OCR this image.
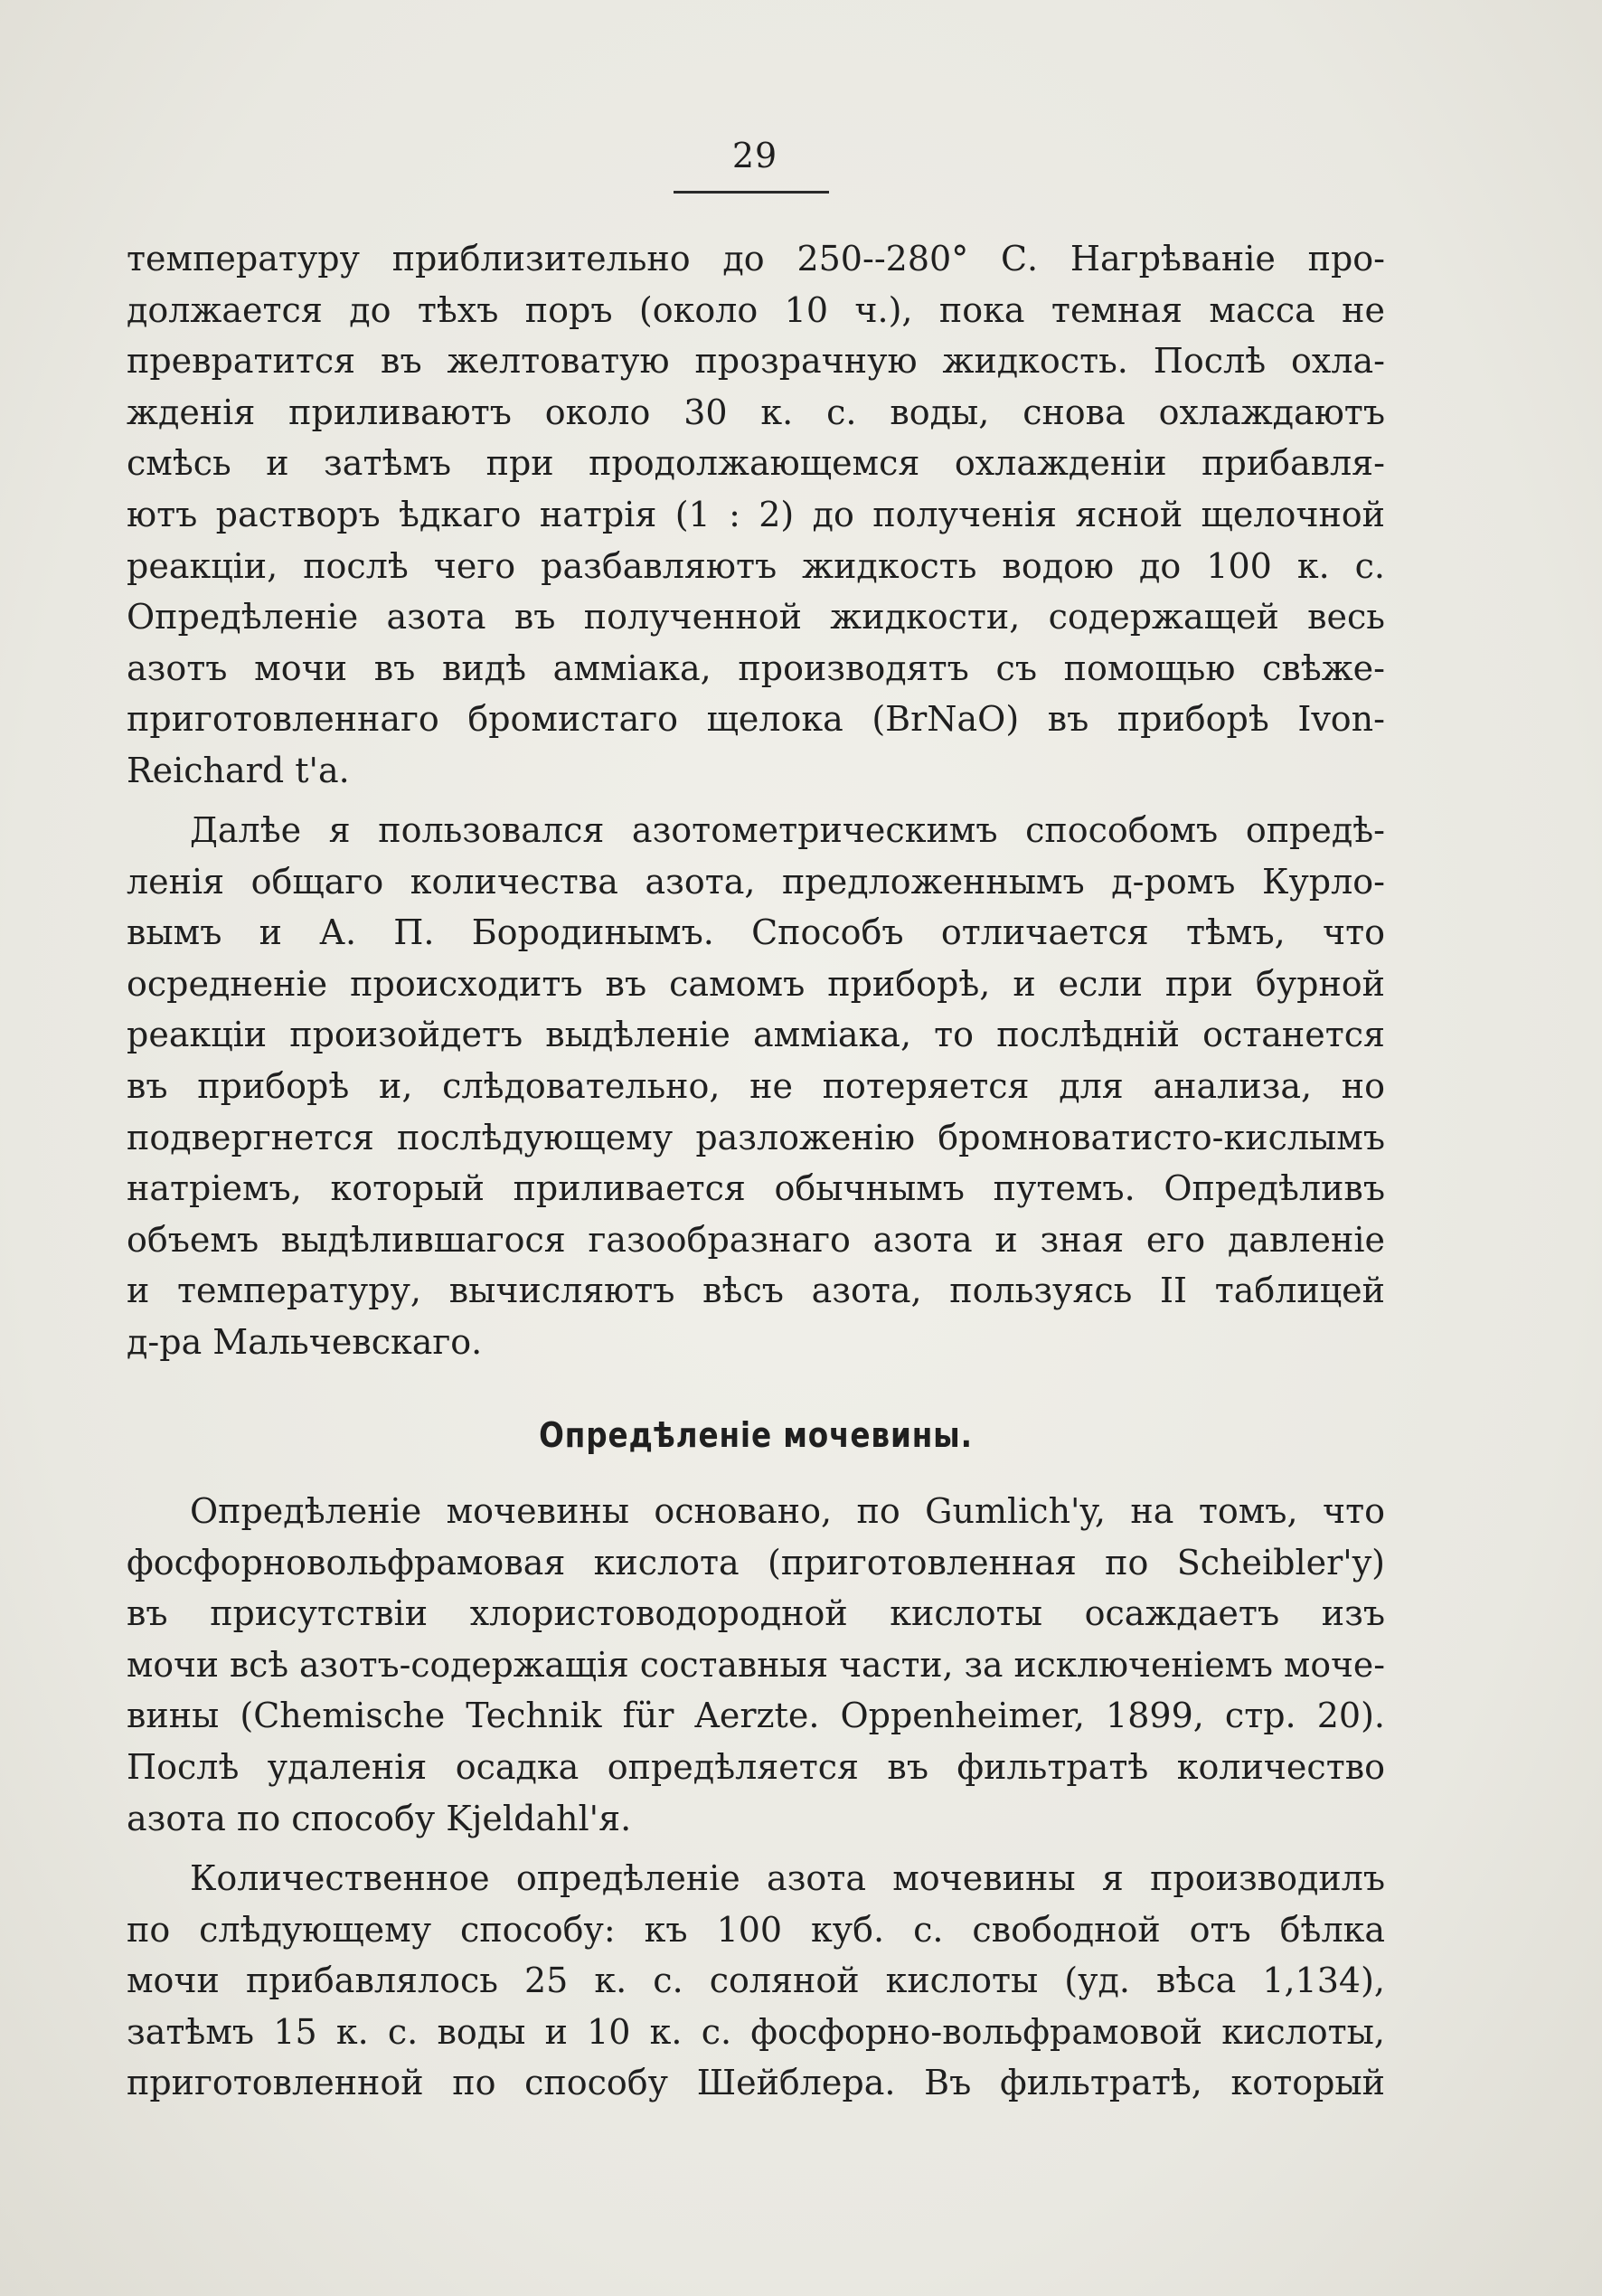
29
температуру приблизительно до 250--280° С. Нагрѣваніе про-
должается до тѣхъ поръ (около 10 ч.), пока темная масса не
превратится въ желтоватую прозрачную жидкость. Послѣ охла-
жденія приливаютъ около 30 к. с. воды, снова охлаждаютъ
смѣсь и затѣмъ при продолжающемся охлажденіи прибавля-
ютъ растворъ ѣдкаго натрія (1 : 2) до полученія ясной щелочной
реакціи, послѣ чего разбавляютъ жидкость водою до 100 к. с.
Опредѣленіе азота въ полученной жидкости, содержащей весь
азотъ мочи въ видѣ амміака, производятъ съ помощью свѣже-
приготовленнаго бромистаго щелока (BrNaO) въ приборѣ Ivon-
Reichard t'a.
Далѣе я пользовался азотометрическимъ способомъ опредѣ-
ленія общаго количества азота, предложеннымъ д-ромъ Курло-
вымъ и А. П. Бородинымъ. Способъ отличается тѣмъ, что
осредненіе происходитъ въ самомъ приборѣ, и если при бурной
реакціи произойдетъ выдѣленіе амміака, то послѣдній останется
въ приборѣ и, слѣдовательно, не потеряется для анализа, но
подвергнется послѣдующему разложенію бромноватисто-кислымъ
натріемъ, который приливается обычнымъ путемъ. Опредѣливъ
объемъ выдѣлившагося газообразнаго азота и зная его давленіе
и температуру, вычисляютъ вѣсъ азота, пользуясь II таблицей
д-ра Мальчевскаго.
Опредѣленіе мочевины.
Опредѣленіе мочевины основано, по Gumlich'y, на томъ, что
фосфорновольфрамовая кислота (приготовленная по Scheibler'y)
въ присутствіи хлористоводородной кислоты осаждаетъ изъ
мочи всѣ азотъ-содержащія составныя части, за исключеніемъ моче-
вины (Chemische Technik für Aerzte. Oppenheimer, 1899, стр. 20).
Послѣ удаленія осадка опредѣляется въ фильтратѣ количество
азота по способу Kjeldahl'я.
Количественное опредѣленіе азота мочевины я производилъ
по слѣдующему способу: къ 100 куб. с. свободной отъ бѣлка
мочи прибавлялось 25 к. с. соляной кислоты (уд. вѣса 1,134),
затѣмъ 15 к. с. воды и 10 к. с. фосфорно-вольфрамовой кислоты,
приготовленной по способу Шейблера. Въ фильтратѣ, который
